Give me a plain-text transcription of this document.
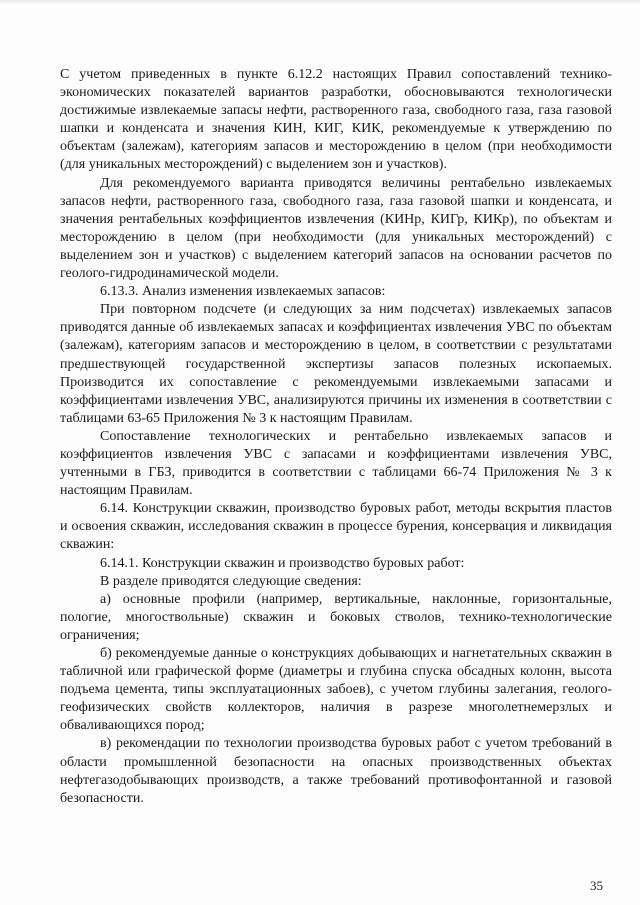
С учетом приведенных в пункте 6.12.2 настоящих Правил сопоставлений технико-экономических показателей вариантов разработки, обосновываются технологически достижимые извлекаемые запасы нефти, растворенного газа, свободного газа, газа газовой шапки и конденсата и значения КИН, КИГ, КИК, рекомендуемые к утверждению по объектам (залежам), категориям запасов и месторождению в целом (при необходимости (для уникальных месторождений) с выделением зон и участков).

Для рекомендуемого варианта приводятся величины рентабельно извлекаемых запасов нефти, растворенного газа, свободного газа, газа газовой шапки и конденсата, и значения рентабельных коэффициентов извлечения (КИНр, КИГр, КИКр), по объектам и месторождению в целом (при необходимости (для уникальных месторождений) с выделением зон и участков) с выделением категорий запасов на основании расчетов по геолого-гидродинамической модели.

6.13.3. Анализ изменения извлекаемых запасов:

При повторном подсчете (и следующих за ним подсчетах) извлекаемых запасов приводятся данные об извлекаемых запасах и коэффициентах извлечения УВС по объектам (залежам), категориям запасов и месторождению в целом, в соответствии с результатами предшествующей государственной экспертизы запасов полезных ископаемых. Производится их сопоставление с рекомендуемыми извлекаемыми запасами и коэффициентами извлечения УВС, анализируются причины их изменения в соответствии с таблицами 63-65 Приложения № 3 к настоящим Правилам.

Сопоставление технологических и рентабельно извлекаемых запасов и коэффициентов извлечения УВС с запасами и коэффициентами извлечения УВС, учтенными в ГБЗ, приводится в соответствии с таблицами 66-74 Приложения № 3 к настоящим Правилам.

6.14. Конструкции скважин, производство буровых работ, методы вскрытия пластов и освоения скважин, исследования скважин в процессе бурения, консервация и ликвидация скважин:

6.14.1. Конструкции скважин и производство буровых работ:

В разделе приводятся следующие сведения:

а) основные профили (например, вертикальные, наклонные, горизонтальные, пологие, многоствольные) скважин и боковых стволов, технико-технологические ограничения;

б) рекомендуемые данные о конструкциях добывающих и нагнетательных скважин в табличной или графической форме (диаметры и глубина спуска обсадных колонн, высота подъема цемента, типы эксплуатационных забоев), с учетом глубины залегания, геолого-геофизических свойств коллекторов, наличия в разрезе многолетнемерзлых и обваливающихся пород;

в) рекомендации по технологии производства буровых работ с учетом требований в области промышленной безопасности на опасных производственных объектах нефтегазодобывающих производств, а также требований противофонтанной и газовой безопасности.

35
